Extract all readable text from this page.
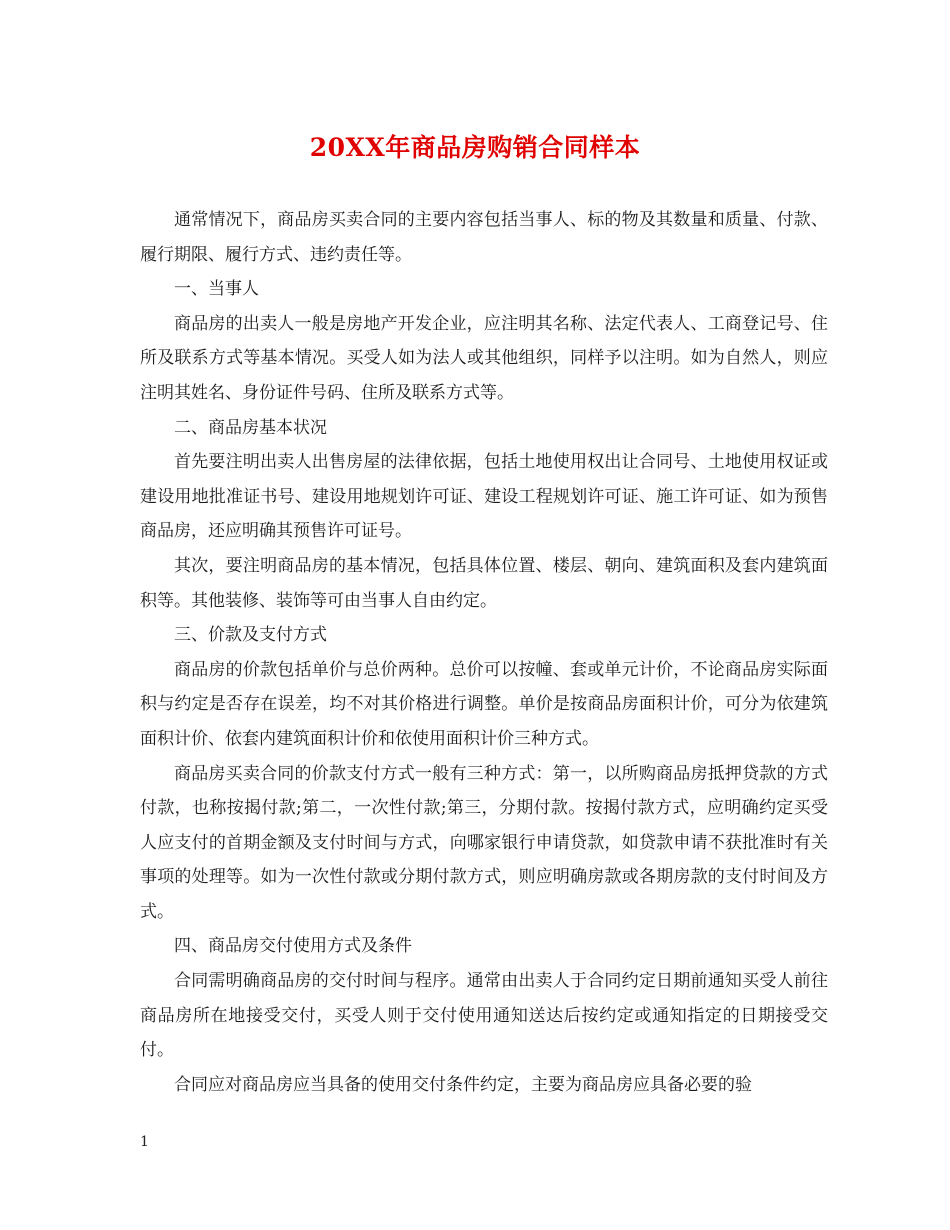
20XX年商品房购销合同样本

通常情况下，商品房买卖合同的主要内容包括当事人、标的物及其数量和质量、付款、履行期限、履行方式、违约责任等。

一、当事人

商品房的出卖人一般是房地产开发企业，应注明其名称、法定代表人、工商登记号、住所及联系方式等基本情况。买受人如为法人或其他组织，同样予以注明。如为自然人，则应注明其姓名、身份证件号码、住所及联系方式等。

二、商品房基本状况

首先要注明出卖人出售房屋的法律依据，包括土地使用权出让合同号、土地使用权证或建设用地批准证书号、建设用地规划许可证、建设工程规划许可证、施工许可证、如为预售商品房，还应明确其预售许可证号。

其次，要注明商品房的基本情况，包括具体位置、楼层、朝向、建筑面积及套内建筑面积等。其他装修、装饰等可由当事人自由约定。

三、价款及支付方式

商品房的价款包括单价与总价两种。总价可以按幢、套或单元计价，不论商品房实际面积与约定是否存在误差，均不对其价格进行调整。单价是按商品房面积计价，可分为依建筑面积计价、依套内建筑面积计价和依使用面积计价三种方式。

商品房买卖合同的价款支付方式一般有三种方式：第一，以所购商品房抵押贷款的方式付款，也称按揭付款;第二，一次性付款;第三，分期付款。按揭付款方式，应明确约定买受人应支付的首期金额及支付时间与方式，向哪家银行申请贷款，如贷款申请不获批准时有关事项的处理等。如为一次性付款或分期付款方式，则应明确房款或各期房款的支付时间及方式。

四、商品房交付使用方式及条件

合同需明确商品房的交付时间与程序。通常由出卖人于合同约定日期前通知买受人前往商品房所在地接受交付，买受人则于交付使用通知送达后按约定或通知指定的日期接受交付。

合同应对商品房应当具备的使用交付条件约定，主要为商品房应具备必要的验

1
